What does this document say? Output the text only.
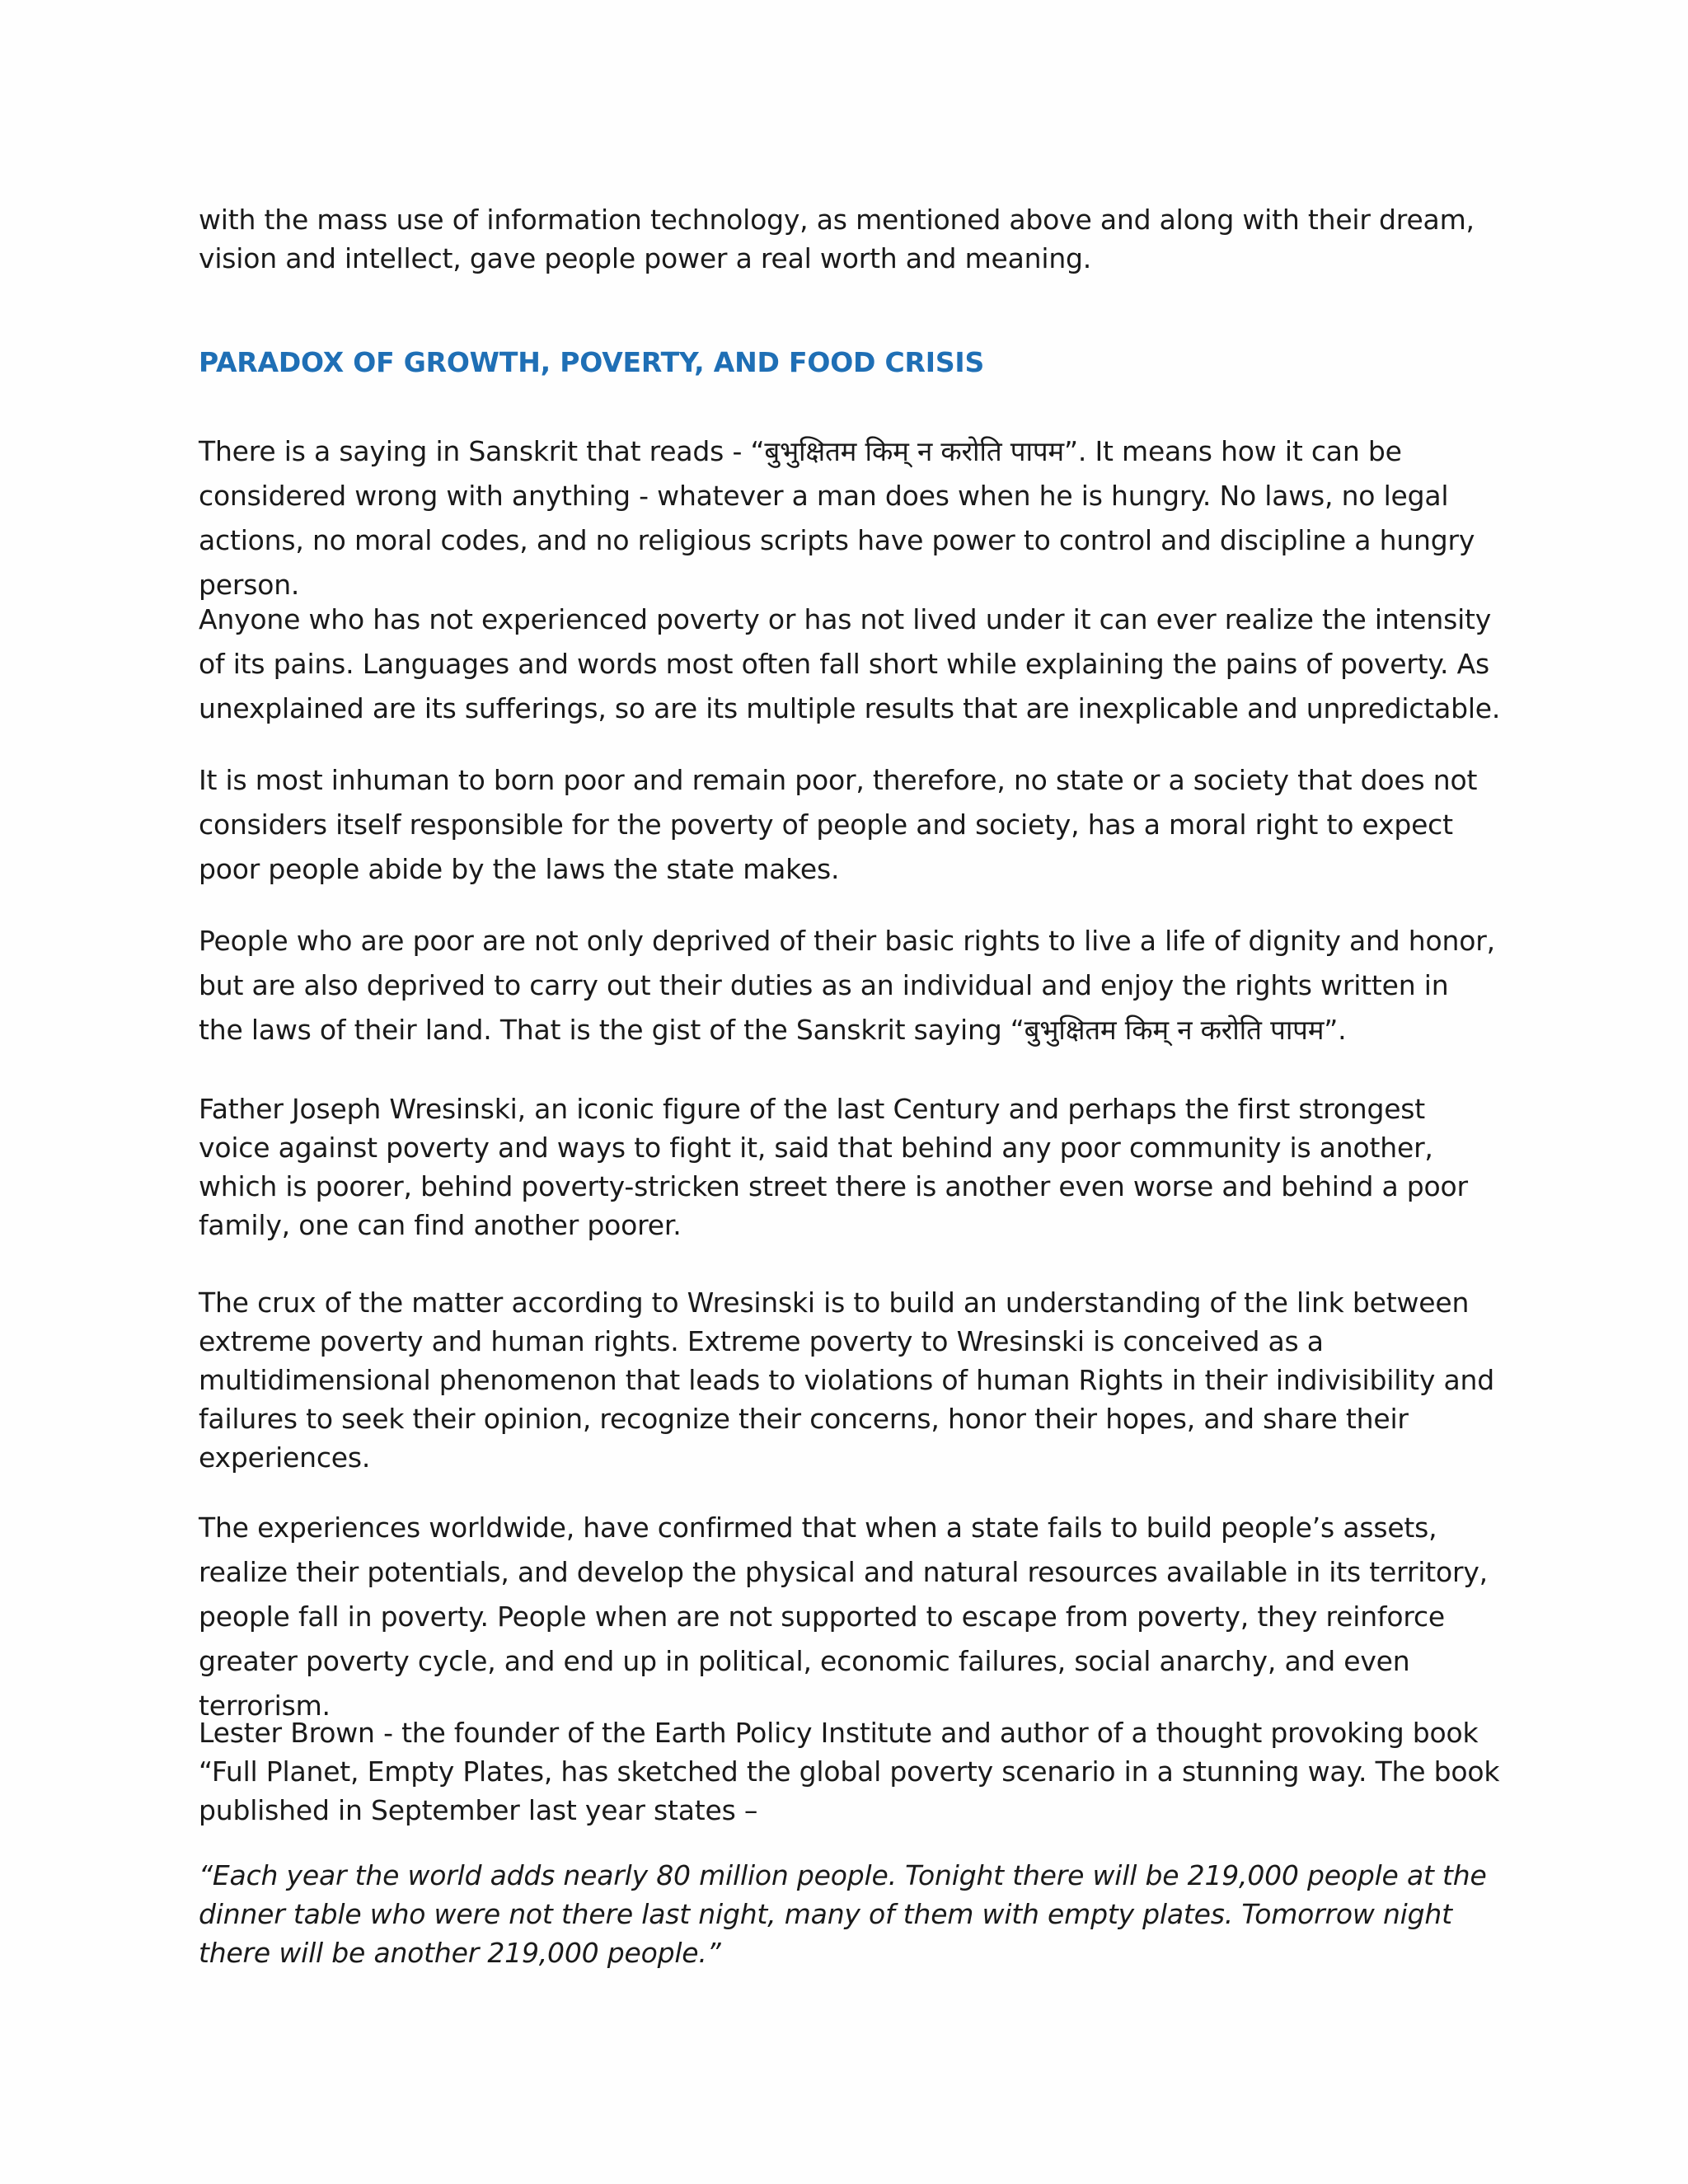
with the mass use of information technology, as mentioned above and along with their dream, vision and intellect, gave people power a real worth and meaning.

PARADOX OF GROWTH, POVERTY, AND FOOD CRISIS

There is a saying in Sanskrit that reads - “बुभुक्षितम किम् न करोति पापम”. It means how it can be considered wrong with anything - whatever a man does when he is hungry. No laws, no legal actions, no moral codes, and no religious scripts have power to control and discipline a hungry person.

Anyone who has not experienced poverty or has not lived under it can ever realize the intensity of its pains. Languages and words most often fall short while explaining the pains of poverty. As unexplained are its sufferings, so are its multiple results that are inexplicable and unpredictable.

It is most inhuman to born poor and remain poor, therefore, no state or a society that does not considers itself responsible for the poverty of people and society, has a moral right to expect poor people abide by the laws the state makes.

People who are poor are not only deprived of their basic rights to live a life of dignity and honor, but are also deprived to carry out their duties as an individual and enjoy the rights written in the laws of their land. That is the gist of the Sanskrit saying “बुभुक्षितम किम् न करोति पापम”.

Father Joseph Wresinski, an iconic figure of the last Century and perhaps the first strongest voice against poverty and ways to fight it, said that behind any poor community is another, which is poorer, behind poverty-stricken street there is another even worse and behind a poor family, one can find another poorer.

The crux of the matter according to Wresinski is to build an understanding of the link between extreme poverty and human rights. Extreme poverty to Wresinski is conceived as a multidimensional phenomenon that leads to violations of human Rights in their indivisibility and failures to seek their opinion, recognize their concerns, honor their hopes, and share their experiences.

The experiences worldwide, have confirmed that when a state fails to build people’s assets, realize their potentials, and develop the physical and natural resources available in its territory, people fall in poverty. People when are not supported to escape from poverty, they reinforce greater poverty cycle, and end up in political, economic failures, social anarchy, and even terrorism.

Lester Brown - the founder of the Earth Policy Institute and author of a thought provoking book “Full Planet, Empty Plates, has sketched the global poverty scenario in a stunning way. The book published in September last year states –

“Each year the world adds nearly 80 million people. Tonight there will be 219,000 people at the dinner table who were not there last night, many of them with empty plates. Tomorrow night there will be another 219,000 people.”
